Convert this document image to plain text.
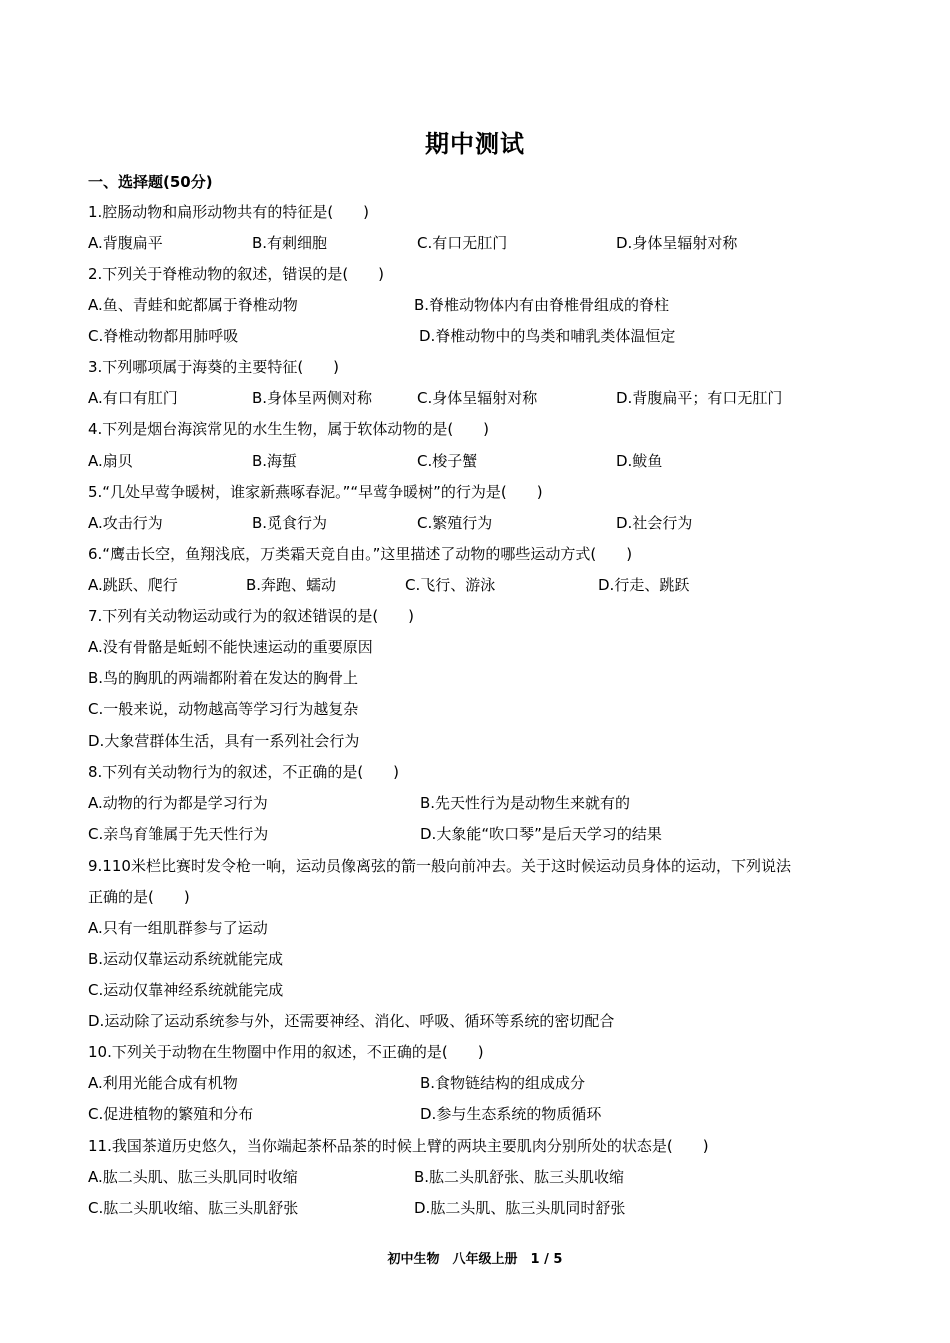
期中测试
一、选择题(50分)
1.腔肠动物和扁形动物共有的特征是(　　)
A.背腹扁平	B.有刺细胞	C.有口无肛门	D.身体呈辐射对称
2.下列关于脊椎动物的叙述，错误的是(　　)
A.鱼、青蛙和蛇都属于脊椎动物	B.脊椎动物体内有由脊椎骨组成的脊柱
C.脊椎动物都用肺呼吸	D.脊椎动物中的鸟类和哺乳类体温恒定
3.下列哪项属于海葵的主要特征(　　)
A.有口有肛门	B.身体呈两侧对称	C.身体呈辐射对称	D.背腹扁平；有口无肛门
4.下列是烟台海滨常见的水生生物，属于软体动物的是(　　)
A.扇贝	B.海蜇	C.梭子蟹	D.鲅鱼
5.“几处早莺争暖树，谁家新燕啄春泥。”“早莺争暖树”的行为是(　　)
A.攻击行为	B.觅食行为	C.繁殖行为	D.社会行为
6.“鹰击长空，鱼翔浅底，万类霜天竞自由。”这里描述了动物的哪些运动方式(　　)
A.跳跃、爬行	B.奔跑、蠕动	C.飞行、游泳	D.行走、跳跃
7.下列有关动物运动或行为的叙述错误的是(　　)
A.没有骨骼是蚯蚓不能快速运动的重要原因
B.鸟的胸肌的两端都附着在发达的胸骨上
C.一般来说，动物越高等学习行为越复杂
D.大象营群体生活，具有一系列社会行为
8.下列有关动物行为的叙述，不正确的是(　　)
A.动物的行为都是学习行为	B.先天性行为是动物生来就有的
C.亲鸟育雏属于先天性行为	D.大象能“吹口琴”是后天学习的结果
9.110米栏比赛时发令枪一响，运动员像离弦的箭一般向前冲去。关于这时候运动员身体的运动，下列说法
正确的是(　　)
A.只有一组肌群参与了运动
B.运动仅靠运动系统就能完成
C.运动仅靠神经系统就能完成
D.运动除了运动系统参与外，还需要神经、消化、呼吸、循环等系统的密切配合
10.下列关于动物在生物圈中作用的叙述，不正确的是(　　)
A.利用光能合成有机物	B.食物链结构的组成成分
C.促进植物的繁殖和分布	D.参与生态系统的物质循环
11.我国茶道历史悠久，当你端起茶杯品茶的时候上臂的两块主要肌肉分别所处的状态是(　　)
A.肱二头肌、肱三头肌同时收缩	B.肱二头肌舒张、肱三头肌收缩
C.肱二头肌收缩、肱三头肌舒张	D.肱二头肌、肱三头肌同时舒张
初中生物　八年级上册　1 / 5
